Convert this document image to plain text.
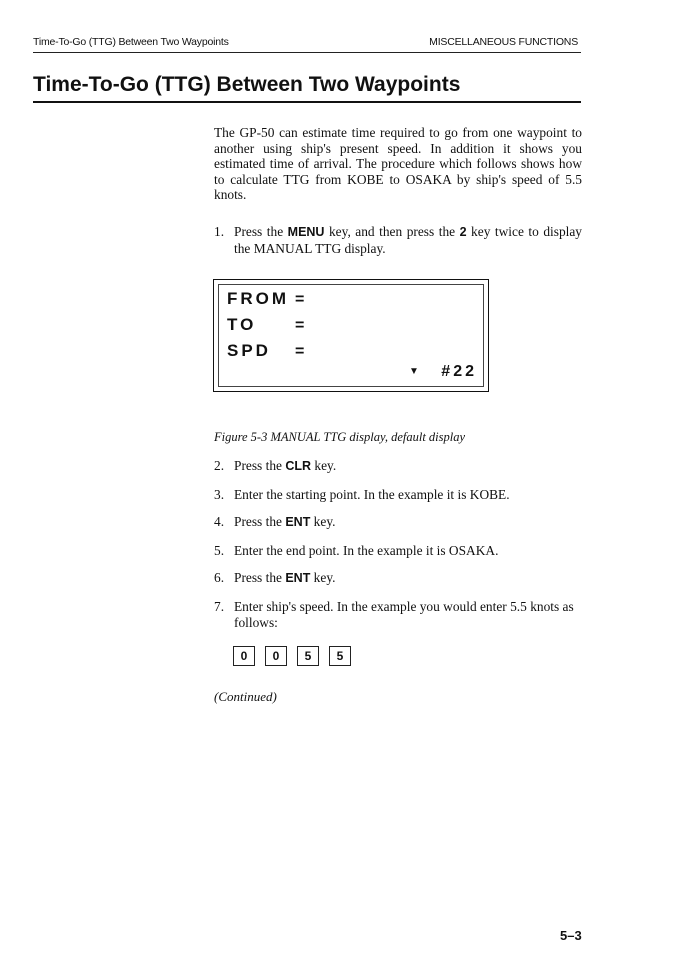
Time-To-Go (TTG) Between Two Waypoints	MISCELLANEOUS FUNCTIONS
Time-To-Go (TTG) Between Two Waypoints

The GP-50 can estimate time required to go from one waypoint to another using ship's present speed. In addition it shows you estimated time of arrival. The procedure which follows shows how to calculate TTG from KOBE to OSAKA by ship's speed of 5.5 knots.

1. Press the MENU key, and then press the 2 key twice to display the MANUAL TTG display.
FROM =
TO =
SPD =
▼ #22
Figure 5-3 MANUAL TTG display, default display
2. Press the CLR key.
3. Enter the starting point. In the example it is KOBE.
4. Press the ENT key.
5. Enter the end point. In the example it is OSAKA.
6. Press the ENT key.
7. Enter ship's speed. In the example you would enter 5.5 knots as follows:
0	0	5	5
(Continued)
5–3
